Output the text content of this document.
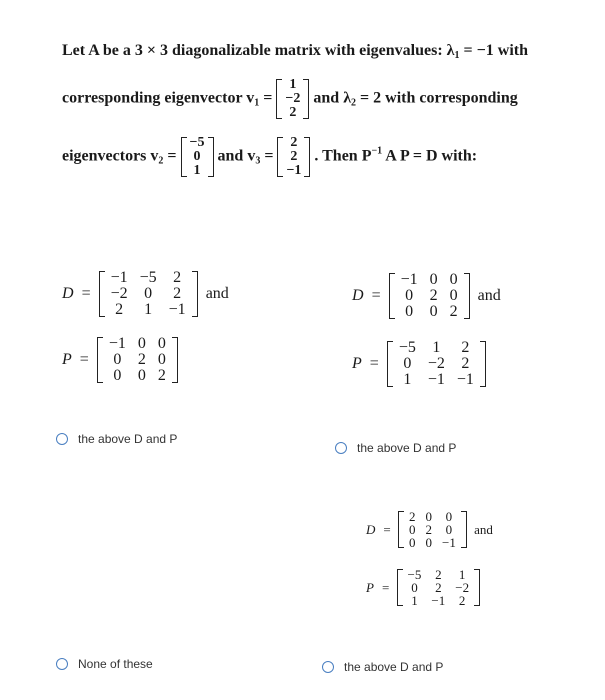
Let A be a 3 × 3 diagonalizable matrix with eigenvalues: $\lambda_1 = -1$ with
corresponding eigenvector $v_1$ =
1
−2
2
and $\lambda_2 = 2$ with corresponding
eigenvectors $v_2$ =
−5
0
1
and $v_3$ =
2
2
−1
. Then $P^{-1}$ A P = D with:
D =
−1	−5	2
−2	0	2
2	1	−1
and
P =
−1	0	0
0	2	0
0	0	2
the above D and P
D =
−1	0	0
0	2	0
0	0	2
and
P =
−5	1	2
0	−2	2
1	−1	−1
the above D and P
D =
2	0	0
0	2	0
0	0	−1
and
P =
−5	2	1
0	2	−2
1	−1	2
the above D and P
None of these
